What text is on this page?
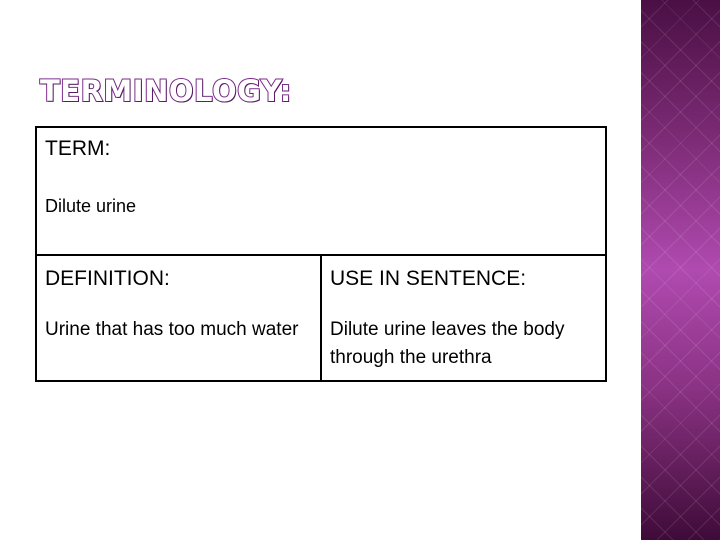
TERMINOLOGY:
TERM:
Dilute urine

DEFINITION:
Urine that has too much water

USE IN SENTENCE:
Dilute urine leaves the body through the urethra
